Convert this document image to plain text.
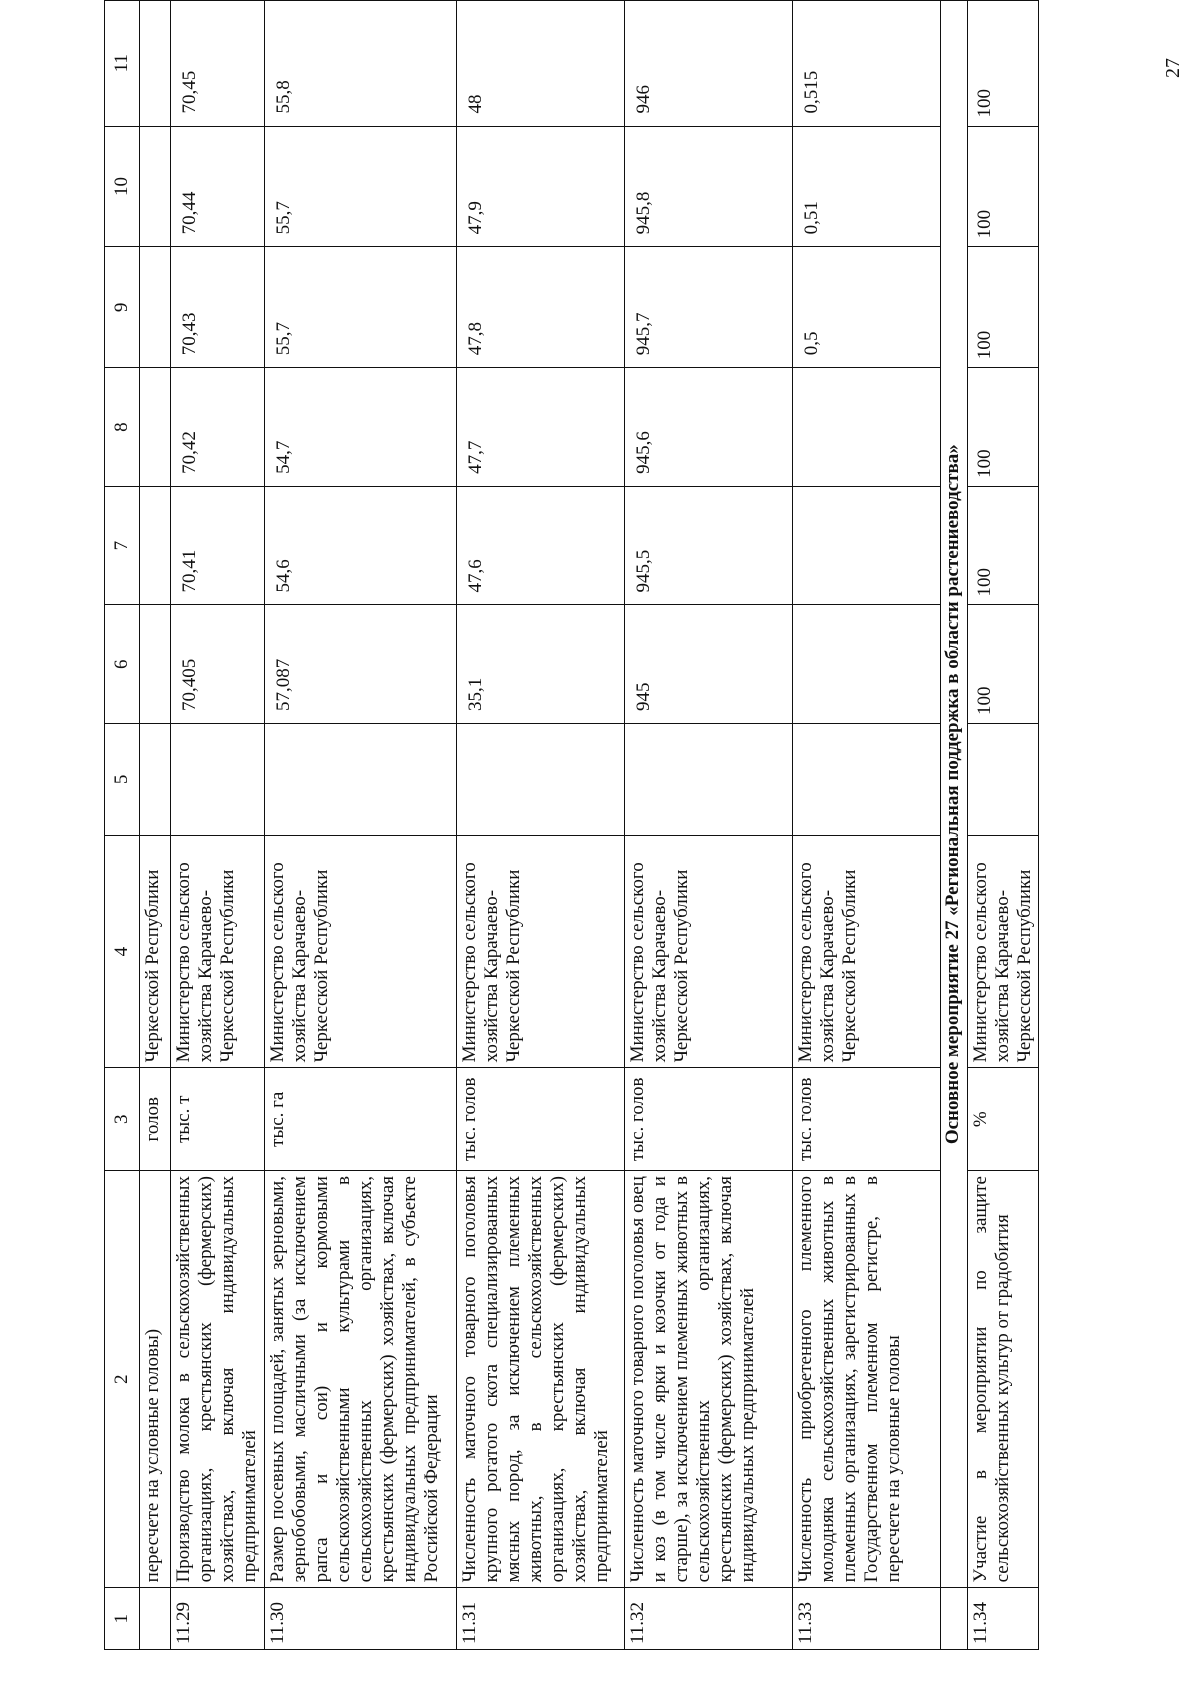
27
1	2	3	4	5	6	7	8	9	10	11
	пересчете на условные головы)	голов	Черкесской Республики							
11.29	Производство молока в сельскохозяйственных организациях, крестьянских (фермерских) хозяйствах, включая индивидуальных предпринимателей	тыс. т	Министерство сельского хозяйства Карачаево-Черкесской Республики		70,405	70,41	70,42	70,43	70,44	70,45
11.30	Размер посевных площадей, занятых зерновыми, зернобобовыми, масличными (за исключением рапса и сои) и кормовыми сельскохозяйственными культурами в сельскохозяйственных организациях, крестьянских (фермерских) хозяйствах, включая индивидуальных предпринимателей, в субъекте Российской Федерации	тыс. га	Министерство сельского хозяйства Карачаево-Черкесской Республики		57,087	54,6	54,7	55,7	55,7	55,8
11.31	Численность маточного товарного поголовья крупного рогатого скота специализированных мясных пород, за исключением племенных животных, в сельскохозяйственных организациях, крестьянских (фермерских) хозяйствах, включая индивидуальных предпринимателей	тыс. голов	Министерство сельского хозяйства Карачаево-Черкесской Республики		35,1	47,6	47,7	47,8	47,9	48
11.32	Численность маточного товарного поголовья овец и коз (в том числе ярки и козочки от года и старше), за исключением племенных животных в сельскохозяйственных организациях, крестьянских (фермерских) хозяйствах, включая индивидуальных предпринимателей	тыс. голов	Министерство сельского хозяйства Карачаево-Черкесской Республики		945	945,5	945,6	945,7	945,8	946
11.33	Численность приобретенного племенного молодняка сельскохозяйственных животных в племенных организациях, зарегистрированных в Государственном племенном регистре, в пересчете на условные головы	тыс. голов	Министерство сельского хозяйства Карачаево-Черкесской Республики					0,5	0,51	0,515
	Основное мероприятие 27 «Региональная поддержка в области растениеводства»									
11.34	Участие в мероприятии по защите сельскохозяйственных культур от градобития	%	Министерство сельского хозяйства Карачаево-Черкесской Республики		100	100	100	100	100	100
